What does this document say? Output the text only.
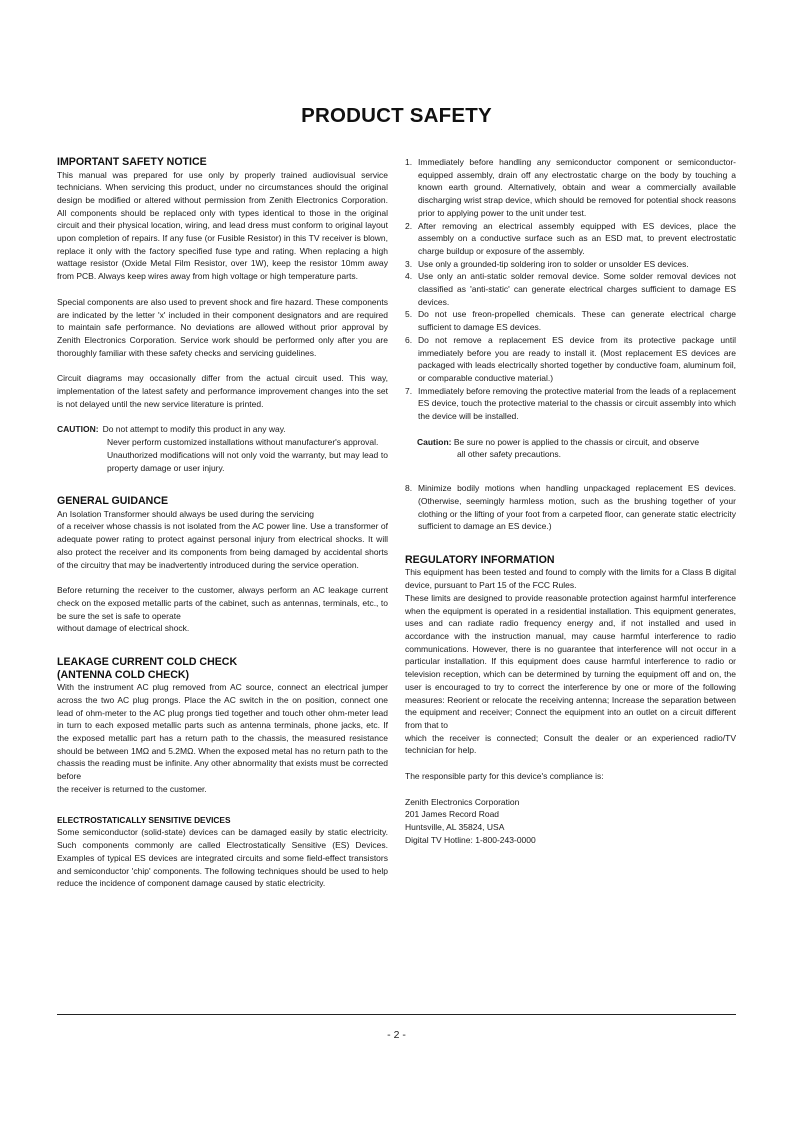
PRODUCT SAFETY
IMPORTANT SAFETY NOTICE

This manual was prepared for use only by properly trained audiovisual service technicians. When servicing this product, under no circumstances should the original design be modified or altered without permission from Zenith Electronics Corporation. All components should be replaced only with types identical to those in the original circuit and their physical location, wiring, and lead dress must conform to original layout upon completion of repairs. If any fuse (or Fusible Resistor) in this TV receiver is blown, replace it only with the factory specified fuse type and rating. When replacing a high wattage resistor (Oxide Metal Film Resistor, over 1W), keep the resistor 10mm away from PCB. Always keep wires away from high voltage or high temperature parts.

Special components are also used to prevent shock and fire hazard. These components are indicated by the letter 'x' included in their component designators and are required to maintain safe performance. No deviations are allowed without prior approval by Zenith Electronics Corporation. Service work should be performed only after you are thoroughly familiar with these safety checks and servicing guidelines.

Circuit diagrams may occasionally differ from the actual circuit used. This way, implementation of the latest safety and performance improvement changes into the set is not delayed until the new service literature is printed.

CAUTION: Do not attempt to modify this product in any way.

Never perform customized installations without manufacturer's approval.

Unauthorized modifications will not only void the warranty, but may lead to property damage or user injury.

GENERAL GUIDANCE

An Isolation Transformer should always be used during the servicing

of a receiver whose chassis is not isolated from the AC power line. Use a transformer of adequate power rating to protect against personal injury from electrical shocks. It will also protect the receiver and its components from being damaged by accidental shorts of the circuitry that may be inadvertently introduced during the service operation.

Before returning the receiver to the customer, always perform an AC leakage current check on the exposed metallic parts of the cabinet, such as antennas, terminals, etc., to be sure the set is safe to operate

without damage of electrical shock.

LEAKAGE CURRENT COLD CHECK
(ANTENNA COLD CHECK)

With the instrument AC plug removed from AC source, connect an electrical jumper across the two AC plug prongs. Place the AC switch in the on position, connect one lead of ohm-meter to the AC plug prongs tied together and touch other ohm-meter lead in turn to each exposed metallic parts such as antenna terminals, phone jacks, etc. If the exposed metallic part has a return path to the chassis, the measured resistance should be between 1MΩ and 5.2MΩ. When the exposed metal has no return path to the chassis the reading must be infinite. Any other abnormality that exists must be corrected before

the receiver is returned to the customer.

ELECTROSTATICALLY SENSITIVE DEVICES

Some semiconductor (solid-state) devices can be damaged easily by static electricity. Such components commonly are called Electrostatically Sensitive (ES) Devices. Examples of typical ES devices are integrated circuits and some field-effect transistors and semiconductor 'chip' components. The following techniques should be used to help reduce the incidence of component damage caused by static electricity.

1. Immediately before handling any semiconductor component or semiconductor-equipped assembly, drain off any electrostatic charge on the body by touching a known earth ground. Alternatively, obtain and wear a commercially available discharging wrist strap device, which should be removed for potential shock reasons prior to applying power to the unit under test.

2. After removing an electrical assembly equipped with ES devices, place the assembly on a conductive surface such as an ESD mat, to prevent electrostatic charge buildup or exposure of the assembly.

3. Use only a grounded-tip soldering iron to solder or unsolder ES devices.

4. Use only an anti-static solder removal device. Some solder removal devices not classified as 'anti-static' can generate electrical charges sufficient to damage ES devices.

5. Do not use freon-propelled chemicals. These can generate electrical charge sufficient to damage ES devices.

6. Do not remove a replacement ES device from its protective package until immediately before you are ready to install it. (Most replacement ES devices are packaged with leads electrically shorted together by conductive foam, aluminum foil, or comparable conductive material.)

7. Immediately before removing the protective material from the leads of a replacement ES device, touch the protective material to the chassis or circuit assembly into which the device will be installed.

Caution: Be sure no power is applied to the chassis or circuit, and observe
all other safety precautions.
8. Minimize bodily motions when handling unpackaged replacement ES devices. (Otherwise, seemingly harmless motion, such as the brushing together of your clothing or the lifting of your foot from a carpeted floor, can generate static electricity sufficient to damage an ES device.)

REGULATORY INFORMATION

This equipment has been tested and found to comply with the limits for a Class B digital device, pursuant to Part 15 of the FCC Rules.

These limits are designed to provide reasonable protection against harmful interference when the equipment is operated in a residential installation. This equipment generates, uses and can radiate radio frequency energy and, if not installed and used in accordance with the instruction manual, may cause harmful interference to radio communications. However, there is no guarantee that interference will not occur in a particular installation. If this equipment does cause harmful interference to radio or television reception, which can be determined by turning the equipment off and on, the user is encouraged to try to correct the interference by one or more of the following measures: Reorient or relocate the receiving antenna; Increase the separation between the equipment and receiver; Connect the equipment into an outlet on a circuit different from that to

which the receiver is connected; Consult the dealer or an experienced radio/TV technician for help.

The responsible party for this device's compliance is:

Zenith Electronics Corporation
201 James Record Road
Huntsville, AL 35824, USA
Digital TV Hotline: 1-800-243-0000
- 2 -
